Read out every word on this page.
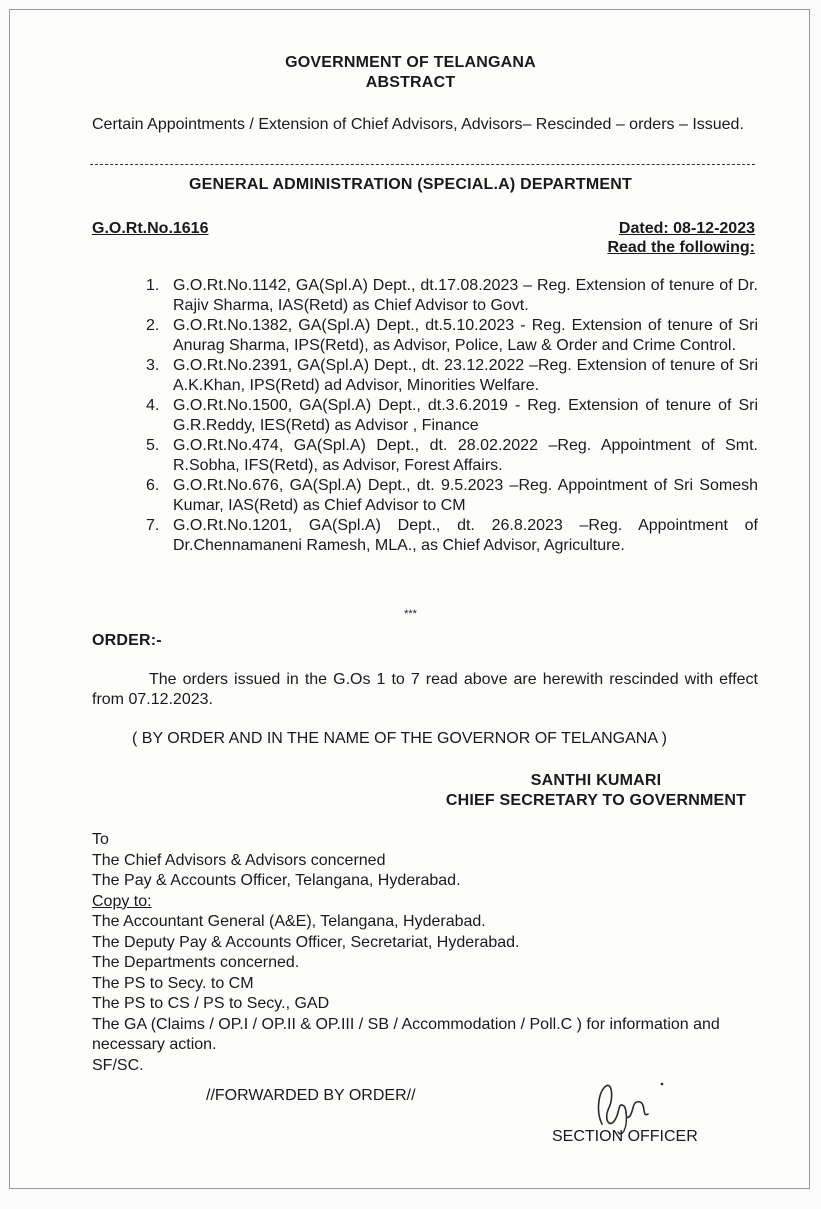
GOVERNMENT OF TELANGANA
ABSTRACT
Certain Appointments / Extension of Chief Advisors, Advisors– Rescinded – orders – Issued.
GENERAL ADMINISTRATION (SPECIAL.A) DEPARTMENT
G.O.Rt.No.1616	Dated: 08-12-2023
Read the following:
1. G.O.Rt.No.1142, GA(Spl.A) Dept., dt.17.08.2023 – Reg. Extension of tenure of Dr. Rajiv Sharma, IAS(Retd) as Chief Advisor to Govt.
2. G.O.Rt.No.1382, GA(Spl.A) Dept., dt.5.10.2023 - Reg. Extension of tenure of Sri Anurag Sharma, IPS(Retd), as Advisor, Police, Law & Order and Crime Control.
3. G.O.Rt.No.2391, GA(Spl.A) Dept., dt. 23.12.2022 –Reg. Extension of tenure of Sri A.K.Khan, IPS(Retd) ad Advisor, Minorities Welfare.
4. G.O.Rt.No.1500, GA(Spl.A) Dept., dt.3.6.2019 - Reg. Extension of tenure of Sri G.R.Reddy, IES(Retd) as Advisor , Finance
5. G.O.Rt.No.474, GA(Spl.A) Dept., dt. 28.02.2022 –Reg. Appointment of Smt. R.Sobha, IFS(Retd), as Advisor, Forest Affairs.
6. G.O.Rt.No.676, GA(Spl.A) Dept., dt. 9.5.2023 –Reg. Appointment of Sri Somesh Kumar, IAS(Retd) as Chief Advisor to CM
7. G.O.Rt.No.1201, GA(Spl.A) Dept., dt. 26.8.2023 –Reg. Appointment of Dr.Chennamaneni Ramesh, MLA., as Chief Advisor, Agriculture.
***
ORDER:-
The orders issued in the G.Os 1 to 7 read above are herewith rescinded with effect from 07.12.2023.
( BY ORDER AND IN THE NAME OF THE GOVERNOR OF TELANGANA )
SANTHI KUMARI
CHIEF SECRETARY TO GOVERNMENT
To
The Chief Advisors & Advisors concerned
The Pay & Accounts Officer, Telangana, Hyderabad.
Copy to:
The Accountant General (A&E), Telangana, Hyderabad.
The Deputy Pay & Accounts Officer, Secretariat, Hyderabad.
The Departments concerned.
The PS to Secy. to CM
The PS to CS / PS to Secy., GAD
The GA (Claims / OP.I / OP.II & OP.III / SB / Accommodation / Poll.C ) for information and necessary action.
SF/SC.
//FORWARDED BY ORDER//
SECTION OFFICER
